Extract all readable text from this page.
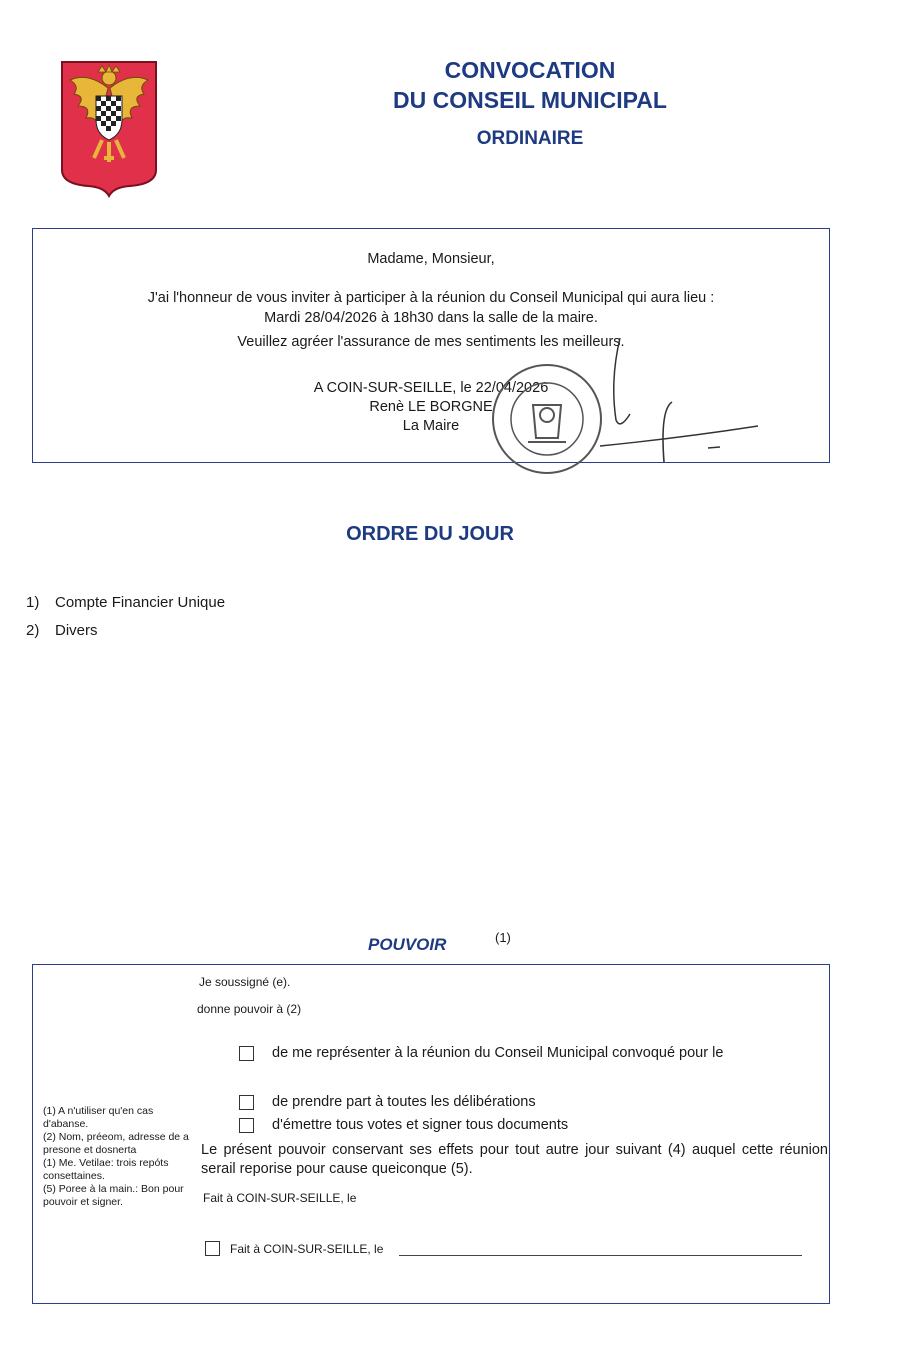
CONVOCATION
DU CONSEIL MUNICIPAL
ORDINAIRE
Madame, Monsieur,
J'ai l'honneur de vous inviter à participer à la réunion du Conseil Municipal qui aura lieu :
Mardi 28/04/2026 à 18h30 dans la salle de la maire.
Veuillez agréer l'assurance de mes sentiments les meilleurs.
A COIN-SUR-SEILLE, le 22/04/2026
Renè LE BORGNE
La Maire
ORDRE DU JOUR
1) Compte Financier Unique
2) Divers
POUVOIR	(1)
Je soussigné (e).
donne pouvoir à (2)
de me représenter à la réunion du Conseil Municipal convoqué pour le
de prendre part à toutes les délibérations
d'émettre tous votes et signer tous documents
Le présent pouvoir conservant ses effets pour tout autre jour suivant (4) auquel cette réunion serail reporise pour cause queiconque (5).
Fait à COIN-SUR-SEILLE, le
Fait à COIN-SUR-SEILLE, le
(1) A n'utiliser qu'en cas d'abanse.
(2) Nom, préeom, adresse de a presone et dosnerta
(1) Me. Vetilae: trois repóts consettaines.
(5) Poree à la main.: Bon pour pouvoir et signer.
